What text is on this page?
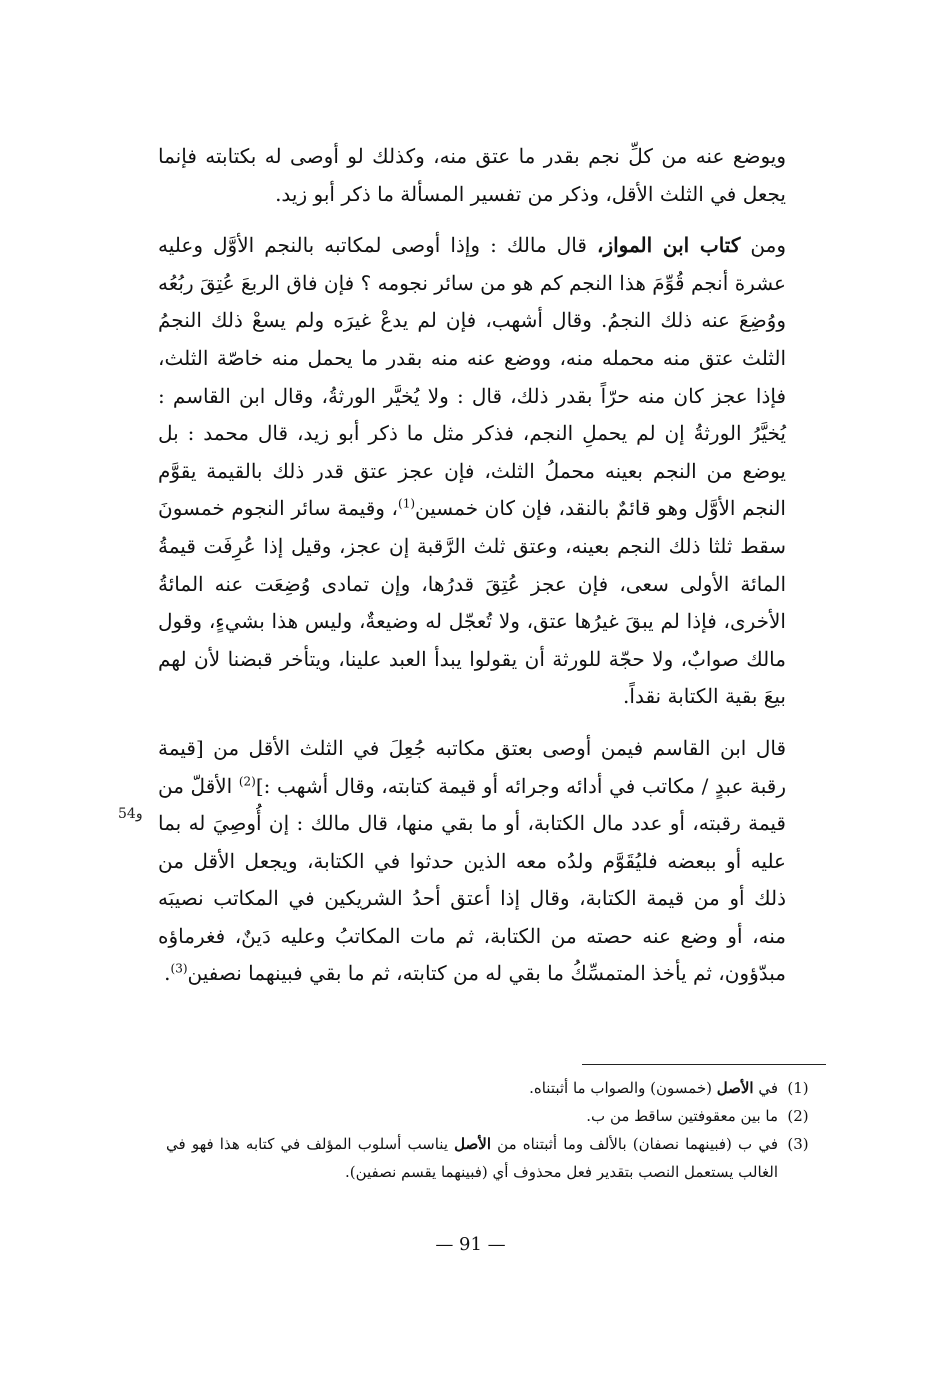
ويوضع عنه من كلِّ نجم بقدر ما عتق منه، وكذلك لو أوصى له بكتابته فإنما يجعل في الثلث الأقل، وذكر من تفسير المسألة ما ذكر أبو زيد.

ومن كتاب ابن المواز، قال مالك : وإذا أوصى لمكاتبه بالنجم الأوَّل وعليه عشرة أنجم قُوِّمَ هذا النجم كم هو من سائر نجومه ؟ فإن فاق الربعَ عُتِقَ ربُعُه ووُضِعَ عنه ذلك النجمُ. وقال أشهب، فإن لم يدعْ غيرَه ولم يسعْ ذلك النجمُ الثلث عتق منه محمله منه، ووضع عنه منه بقدر ما يحمل منه خاصّة الثلث، فإذا عجز كان منه حرّاً بقدر ذلك، قال : ولا يُخيَّر الورثةُ، وقال ابن القاسم : يُخيَّرُ الورثةُ إن لم يحملِ النجم، فذكر مثل ما ذكر أبو زيد، قال محمد : بل يوضع من النجم بعينه محملُ الثلث، فإن عجز عتق قدر ذلك بالقيمة يقوَّم النجم الأوَّل وهو قائمٌ بالنقد، فإن كان خمسين$^{(1)}$، وقيمة سائر النجوم خمسونَ سقط ثلثا ذلك النجم بعينه، وعتق ثلث الرَّقبة إن عجز، وقيل إذا عُرِفَت قيمةُ المائة الأولى سعى، فإن عجز عُتِقَ قدرُها، وإن تمادى وُضِعَت عنه المائةُ الأخرى، فإذا لم يبقَ غيرُها عتق، ولا تُعجّل له وضيعةٌ، وليس هذا بشيءٍ، وقول مالك صوابٌ، ولا حجّة للورثة أن يقولوا يبدأ العبد علينا، ويتأخر قبضنا لأن لهم بيعَ بقية الكتابة نقداً.

قال ابن القاسم فيمن أوصى بعتق مكاتبه جُعِلَ في الثلث الأقل من [قيمة رقبة عبدٍ / مكاتب في أدائه وجرائه أو قيمة كتابته، وقال أشهب :]$^{(2)}$ الأقلّ من قيمة رقبته، أو عدد مال الكتابة، أو ما بقي منها، قال مالك : إن أُوصِيَ له بما عليه أو ببعضه فليُقَوَّم ولدُه معه الذين حدثوا في الكتابة، ويجعل الأقل من ذلك أو من قيمة الكتابة، وقال إذا أعتق أحدُ الشريكين في المكاتب نصيبَه منه، أو وضع عنه حصته من الكتابة، ثم مات المكاتبُ وعليه دَينٌ، فغرماؤه مبدّؤون، ثم يأخذ المتمسِّكُ ما بقي له من كتابته، ثم ما بقي فبينهما نصفين$^{(3)}$.

54و
(1)
في الأصل (خمسون) والصواب ما أثبتناه.
(2)
ما بين معقوفتين ساقط من ب.
(3)
في ب (فبينهما نصفان) بالألف وما أثبتناه من الأصل يناسب أسلوب المؤلف في كتابه هذا فهو في الغالب يستعمل النصب بتقدير فعل محذوف أي (فبينهما يقسم نصفين).
— 91 —
